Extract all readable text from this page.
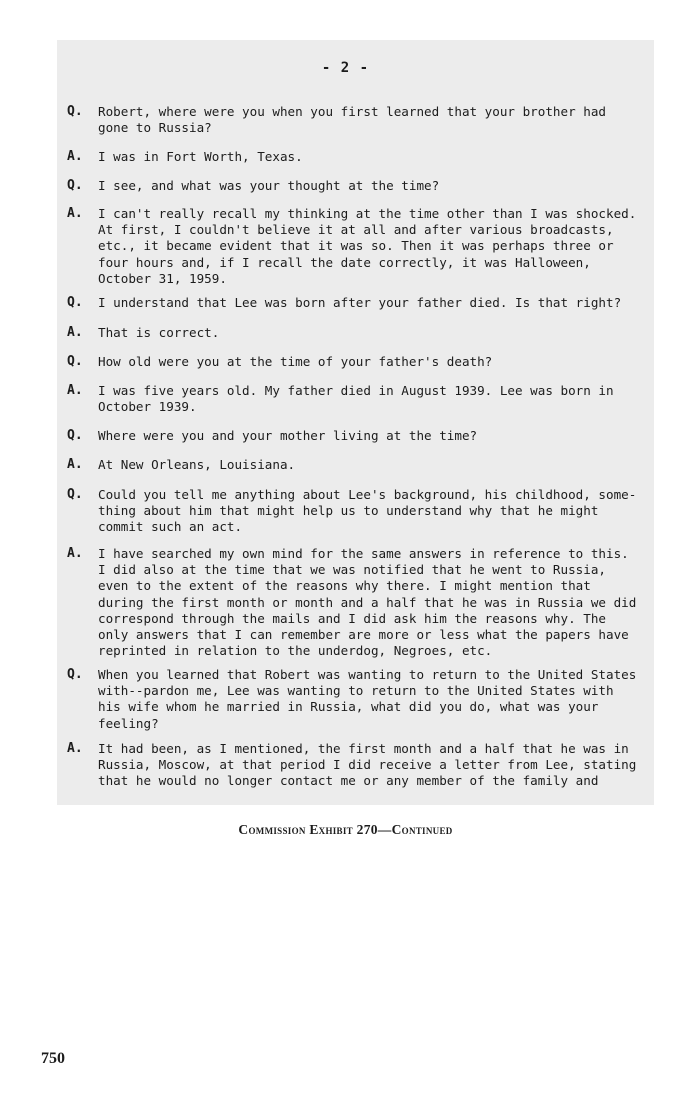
- 2 -
Q.	Robert, where were you when you first learned that your brother had
gone to Russia?
A.	I was in Fort Worth, Texas.
Q.	I see, and what was your thought at the time?
A.	I can't really recall my thinking at the time other than I was shocked.
At first, I couldn't believe it at all and after various broadcasts,
etc., it became evident that it was so. Then it was perhaps three or
four hours and, if I recall the date correctly, it was Halloween,
October 31, 1959.
Q.	I understand that Lee was born after your father died. Is that right?
A.	That is correct.
Q.	How old were you at the time of your father's death?
A.	I was five years old. My father died in August 1939. Lee was born in
October 1939.
Q.	Where were you and your mother living at the time?
A.	At New Orleans, Louisiana.
Q.	Could you tell me anything about Lee's background, his childhood, some-
thing about him that might help us to understand why that he might
commit such an act.
A.	I have searched my own mind for the same answers in reference to this.
I did also at the time that we was notified that he went to Russia,
even to the extent of the reasons why there. I might mention that
during the first month or month and a half that he was in Russia we did
correspond through the mails and I did ask him the reasons why. The
only answers that I can remember are more or less what the papers have
reprinted in relation to the underdog, Negroes, etc.
Q.	When you learned that Robert was wanting to return to the United States
with--pardon me, Lee was wanting to return to the United States with
his wife whom he married in Russia, what did you do, what was your
feeling?
A.	It had been, as I mentioned, the first month and a half that he was in
Russia, Moscow, at that period I did receive a letter from Lee, stating
that he would no longer contact me or any member of the family and
Commission Exhibit 270—Continued
750
